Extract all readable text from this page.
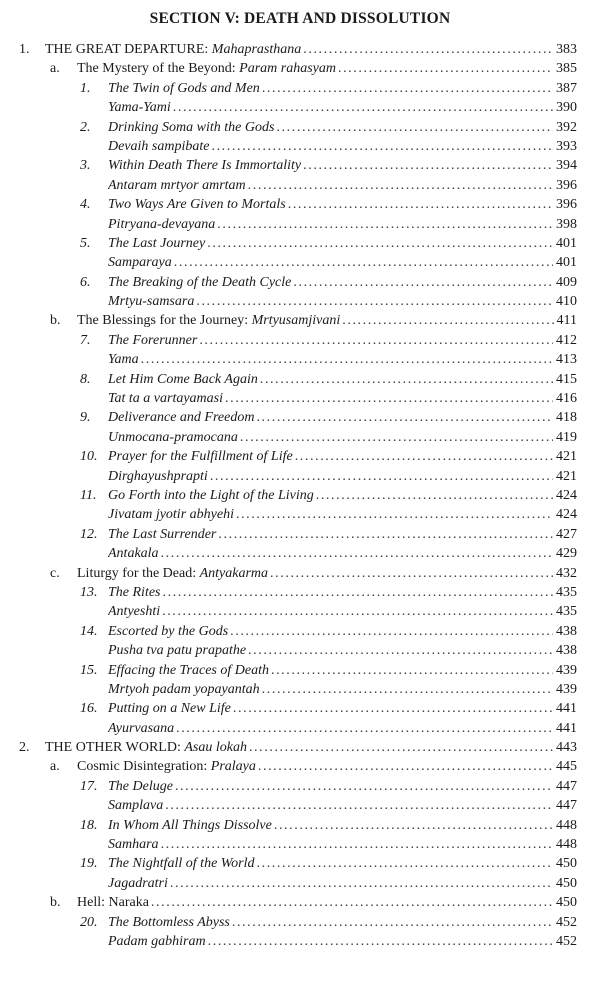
SECTION V: DEATH AND DISSOLUTION
1. THE GREAT DEPARTURE: Mahaprasthana .....	383
a. The Mystery of the Beyond: Param rahasyam .....	385
1. The Twin of Gods and Men .....	387
Yama-Yami .....	390
2. Drinking Soma with the Gods .....	392
Devaih sampibate .....	393
3. Within Death There Is Immortality .....	394
Antaram mrtyor amrtam .....	396
4. Two Ways Are Given to Mortals .....	396
Pitryana-devayana .....	398
5. The Last Journey .....	401
Samparaya .....	401
6. The Breaking of the Death Cycle .....	409
Mrtyu-samsara .....	410
b. The Blessings for the Journey: Mrtyusamjivani .....	411
7. The Forerunner .....	412
Yama .....	413
8. Let Him Come Back Again .....	415
Tat ta a vartayamasi .....	416
9. Deliverance and Freedom .....	418
Unmocana-pramocana .....	419
10. Prayer for the Fulfillment of Life .....	421
Dirghayushprapti .....	421
11. Go Forth into the Light of the Living .....	424
Jivatam jyotir abhyehi .....	424
12. The Last Surrender .....	427
Antakala .....	429
c. Liturgy for the Dead: Antyakarma .....	432
13. The Rites .....	435
Antyeshti .....	435
14. Escorted by the Gods .....	438
Pusha tva patu prapathe .....	438
15. Effacing the Traces of Death .....	439
Mrtyoh padam yopayantah .....	439
16. Putting on a New Life .....	441
Ayurvasana .....	441
2. THE OTHER WORLD: Asau lokah .....	443
a. Cosmic Disintegration: Pralaya .....	445
17. The Deluge .....	447
Samplava .....	447
18. In Whom All Things Dissolve .....	448
Samhara .....	448
19. The Nightfall of the World .....	450
Jagadratri .....	450
b. Hell: Naraka .....	450
20. The Bottomless Abyss .....	452
Padam gabhiram .....	452
